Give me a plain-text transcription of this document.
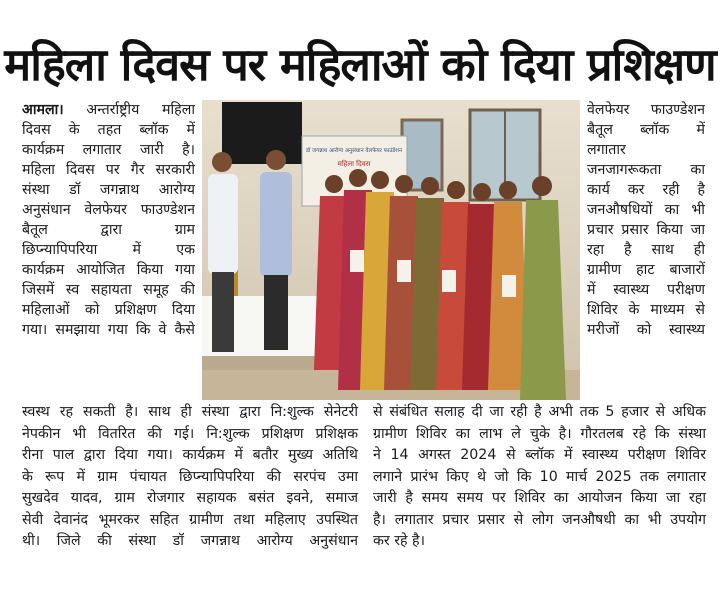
महिला दिवस पर महिलाओं को दिया प्रशिक्षण
डॉ जगन्नाथ आरोग्य अनुसंधान वेलफेयर फाउंडेशन
महिला दिवस

आमला। अन्तर्राष्ट्रीय महिला
दिवस के तहत ब्लॉक में
कार्यक्रम लगातार जारी है।
महिला दिवस पर गैर सरकारी
संस्था डॉ जगन्नाथ आरोग्य
अनुसंधान वेलफेयर फाउण्डेशन
बैतूल द्वारा ग्राम
छिप्न्यापिपरिया में एक
कार्यक्रम आयोजित किया गया
जिसमें स्व सहायता समूह की
महिलाओं को प्रशिक्षण दिया
गया। समझाया गया कि वे कैसे

वेलफेयर फाउण्डेशन
बैतूल ब्लॉक में
लगातार
जनजागरूकता का
कार्य कर रही है
जनऔषधियों का भी
प्रचार प्रसार किया जा
रहा है साथ ही
ग्रामीण हाट बाजारों
में स्वास्थ्य परीक्षण
शिविर के माध्यम से
मरीजों को स्वास्थ्य

स्वस्थ रह सकती है। साथ ही संस्था द्वारा नि:शुल्क सेनेटरी
नेपकीन भी वितरित की गई। नि:शुल्क प्रशिक्षण प्रशिक्षक
रीना पाल द्वारा दिया गया। कार्यक्रम में बतौर मुख्य अतिथि
के रूप में ग्राम पंचायत छिप्न्यापिपरिया की सरपंच उमा
सुखदेव यादव, ग्राम रोजगार सहायक बसंत इवने, समाज
सेवी देवानंद भूमरकर सहित ग्रामीण तथा महिलाए उपस्थित
थी। जिले की संस्था डॉ जगन्नाथ आरोग्य अनुसंधान
से संबंधित सलाह दी जा रही है अभी तक 5 हजार से अधिक
ग्रामीण शिविर का लाभ ले चुके है। गौरतलब रहे कि संस्था
ने 14 अगस्त 2024 से ब्लॉक में स्वास्थ्य परीक्षण शिविर
लगाने प्रारंभ किए थे जो कि 10 मार्च 2025 तक लगातार
जारी है समय समय पर शिविर का आयोजन किया जा रहा
है। लगातार प्रचार प्रसार से लोग जनऔषधी का भी उपयोग
कर रहे है।
